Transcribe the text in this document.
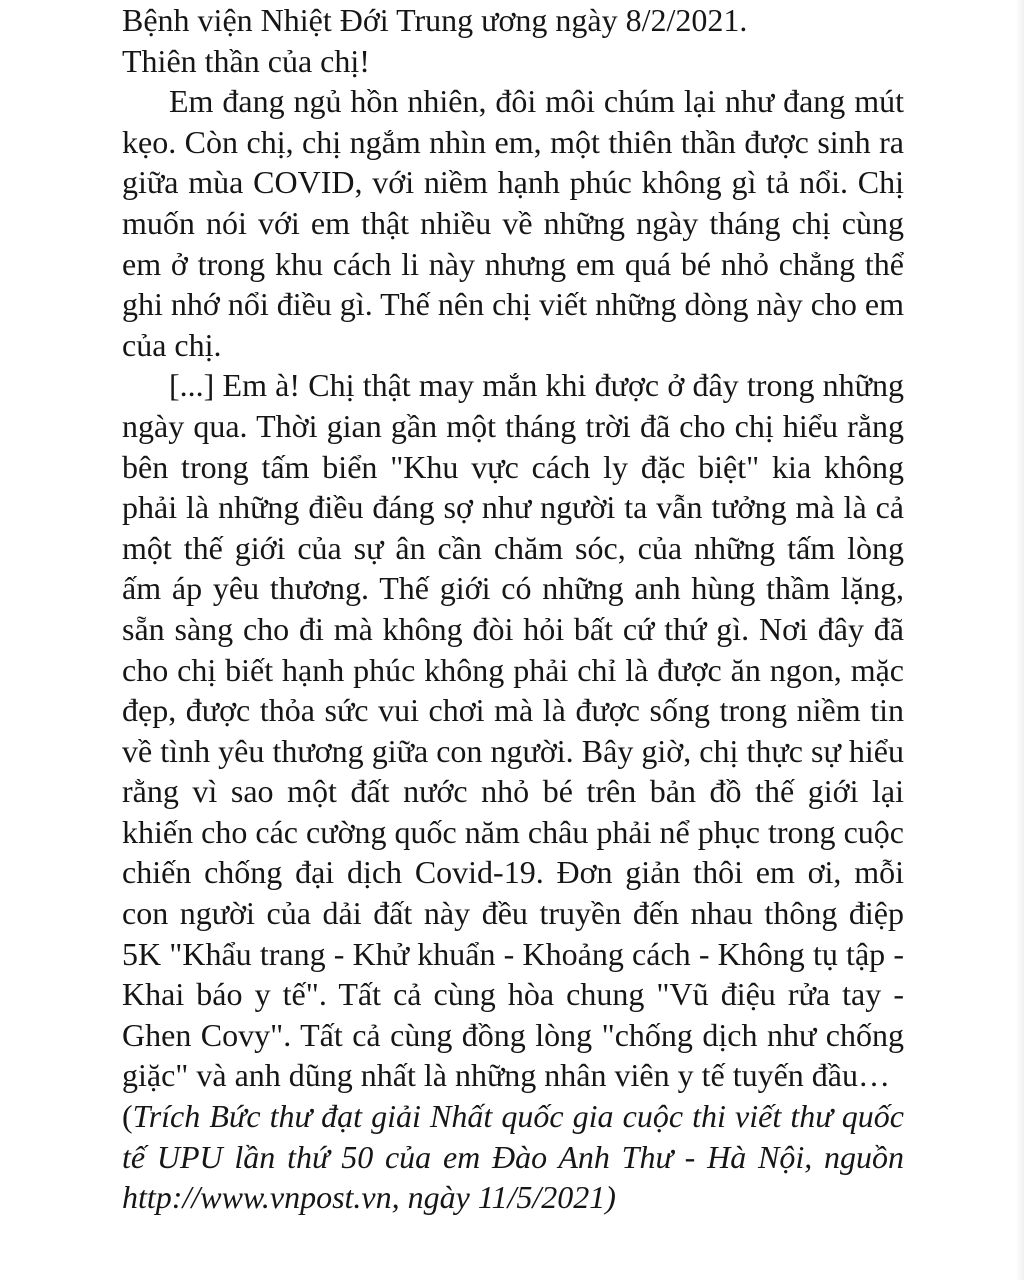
Bệnh viện Nhiệt Đới Trung ương ngày 8/2/2021.

Thiên thần của chị!

Em đang ngủ hồn nhiên, đôi môi chúm lại như đang mút kẹo. Còn chị, chị ngắm nhìn em, một thiên thần được sinh ra giữa mùa COVID, với niềm hạnh phúc không gì tả nổi. Chị muốn nói với em thật nhiều về những ngày tháng chị cùng em ở trong khu cách li này nhưng em quá bé nhỏ chẳng thể ghi nhớ nổi điều gì. Thế nên chị viết những dòng này cho em của chị.

[...] Em à! Chị thật may mắn khi được ở đây trong những ngày qua. Thời gian gần một tháng trời đã cho chị hiểu rằng bên trong tấm biển "Khu vực cách ly đặc biệt" kia không phải là những điều đáng sợ như người ta vẫn tưởng mà là cả một thế giới của sự ân cần chăm sóc, của những tấm lòng ấm áp yêu thương. Thế giới có những anh hùng thầm lặng, sẵn sàng cho đi mà không đòi hỏi bất cứ thứ gì. Nơi đây đã cho chị biết hạnh phúc không phải chỉ là được ăn ngon, mặc đẹp, được thỏa sức vui chơi mà là được sống trong niềm tin về tình yêu thương giữa con người. Bây giờ, chị thực sự hiểu rằng vì sao một đất nước nhỏ bé trên bản đồ thế giới lại khiến cho các cường quốc năm châu phải nể phục trong cuộc chiến chống đại dịch Covid-19. Đơn giản thôi em ơi, mỗi con người của dải đất này đều truyền đến nhau thông điệp 5K "Khẩu trang - Khử khuẩn - Khoảng cách - Không tụ tập - Khai báo y tế". Tất cả cùng hòa chung "Vũ điệu rửa tay - Ghen Covy". Tất cả cùng đồng lòng "chống dịch như chống giặc" và anh dũng nhất là những nhân viên y tế tuyến đầu…

(Trích Bức thư đạt giải Nhất quốc gia cuộc thi viết thư quốc tế UPU lần thứ 50 của em Đào Anh Thư - Hà Nội, nguồn http://www.vnpost.vn, ngày 11/5/2021)
